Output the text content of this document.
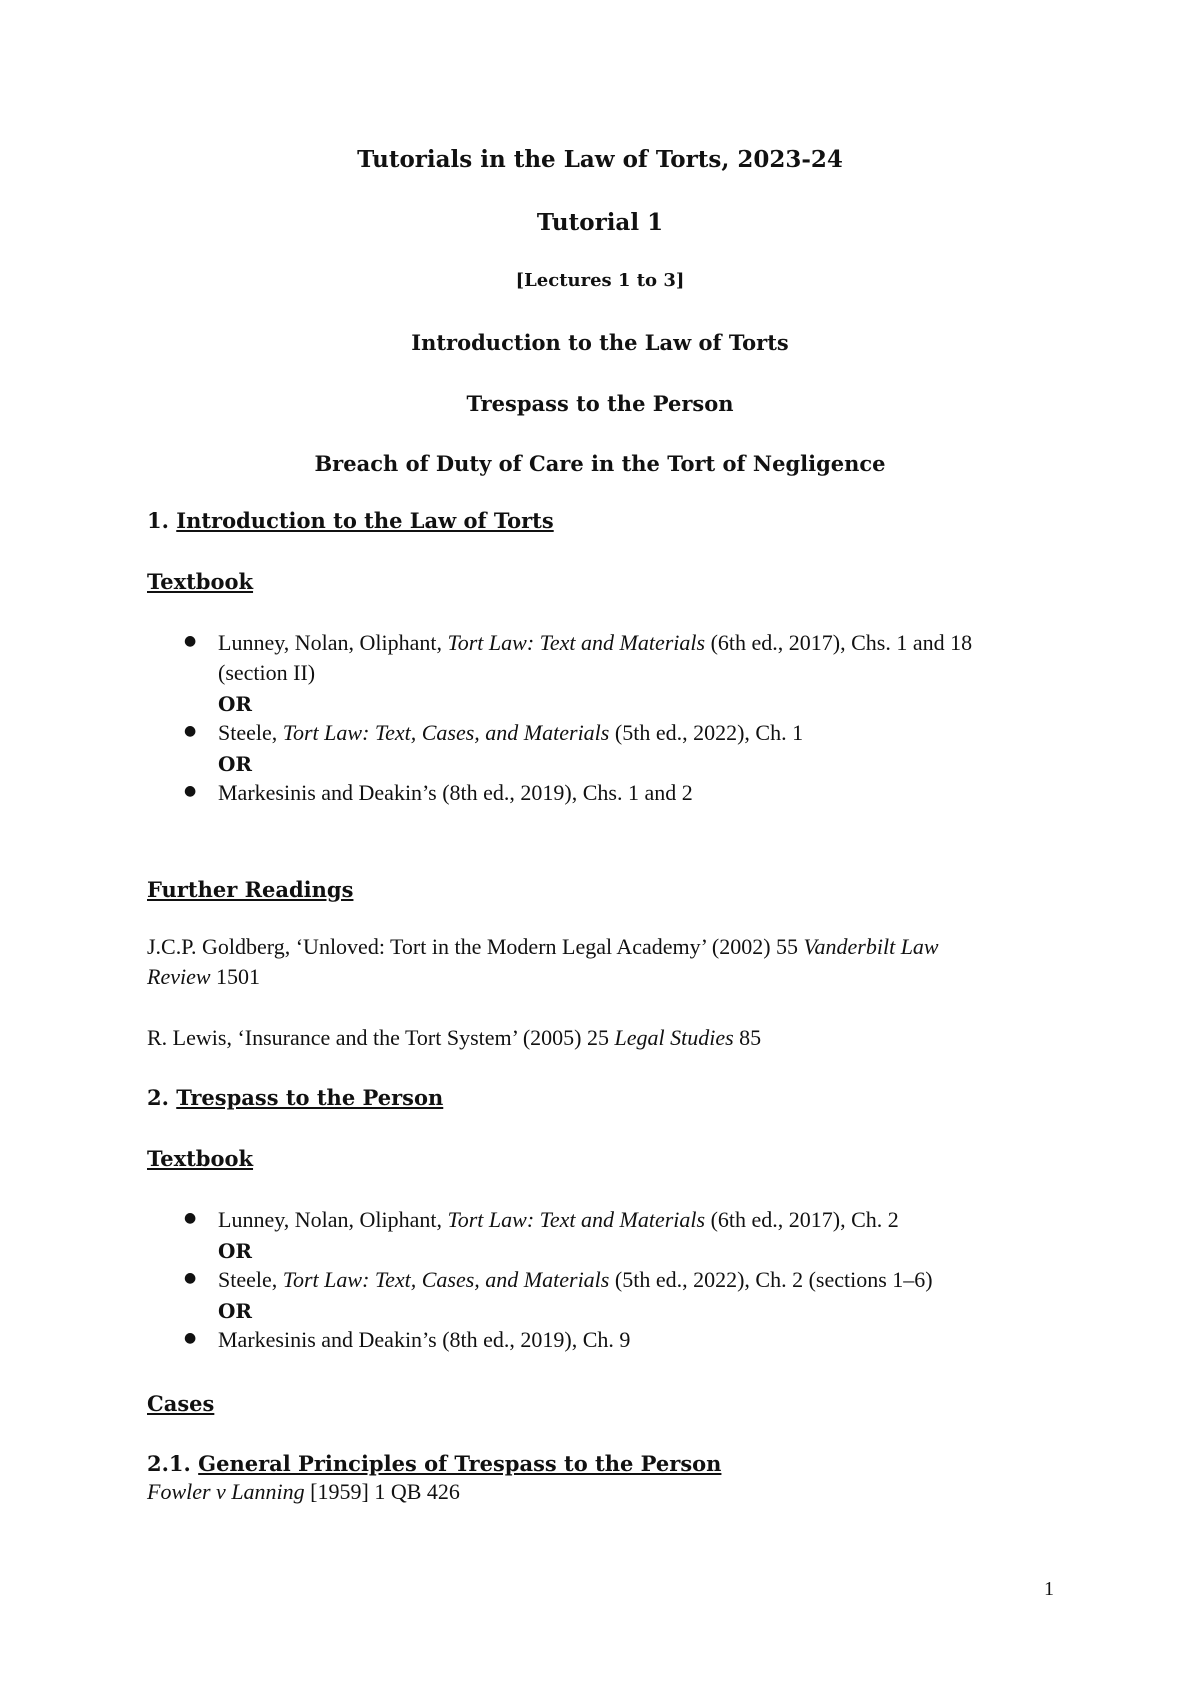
Tutorials in the Law of Torts, 2023-24
Tutorial 1
[Lectures 1 to 3]
Introduction to the Law of Torts
Trespass to the Person
Breach of Duty of Care in the Tort of Negligence
1. Introduction to the Law of Torts
Textbook
● Lunney, Nolan, Oliphant, Tort Law: Text and Materials (6th ed., 2017), Chs. 1 and 18
(section II)
OR
● Steele, Tort Law: Text, Cases, and Materials (5th ed., 2022), Ch. 1
OR
● Markesinis and Deakin’s (8th ed., 2019), Chs. 1 and 2
Further Readings
J.C.P. Goldberg, ‘Unloved: Tort in the Modern Legal Academy’ (2002) 55 Vanderbilt Law
Review 1501
R. Lewis, ‘Insurance and the Tort System’ (2005) 25 Legal Studies 85
2. Trespass to the Person
Textbook
● Lunney, Nolan, Oliphant, Tort Law: Text and Materials (6th ed., 2017), Ch. 2
OR
● Steele, Tort Law: Text, Cases, and Materials (5th ed., 2022), Ch. 2 (sections 1–6)
OR
● Markesinis and Deakin’s (8th ed., 2019), Ch. 9
Cases
2.1. General Principles of Trespass to the Person
Fowler v Lanning [1959] 1 QB 426
1
